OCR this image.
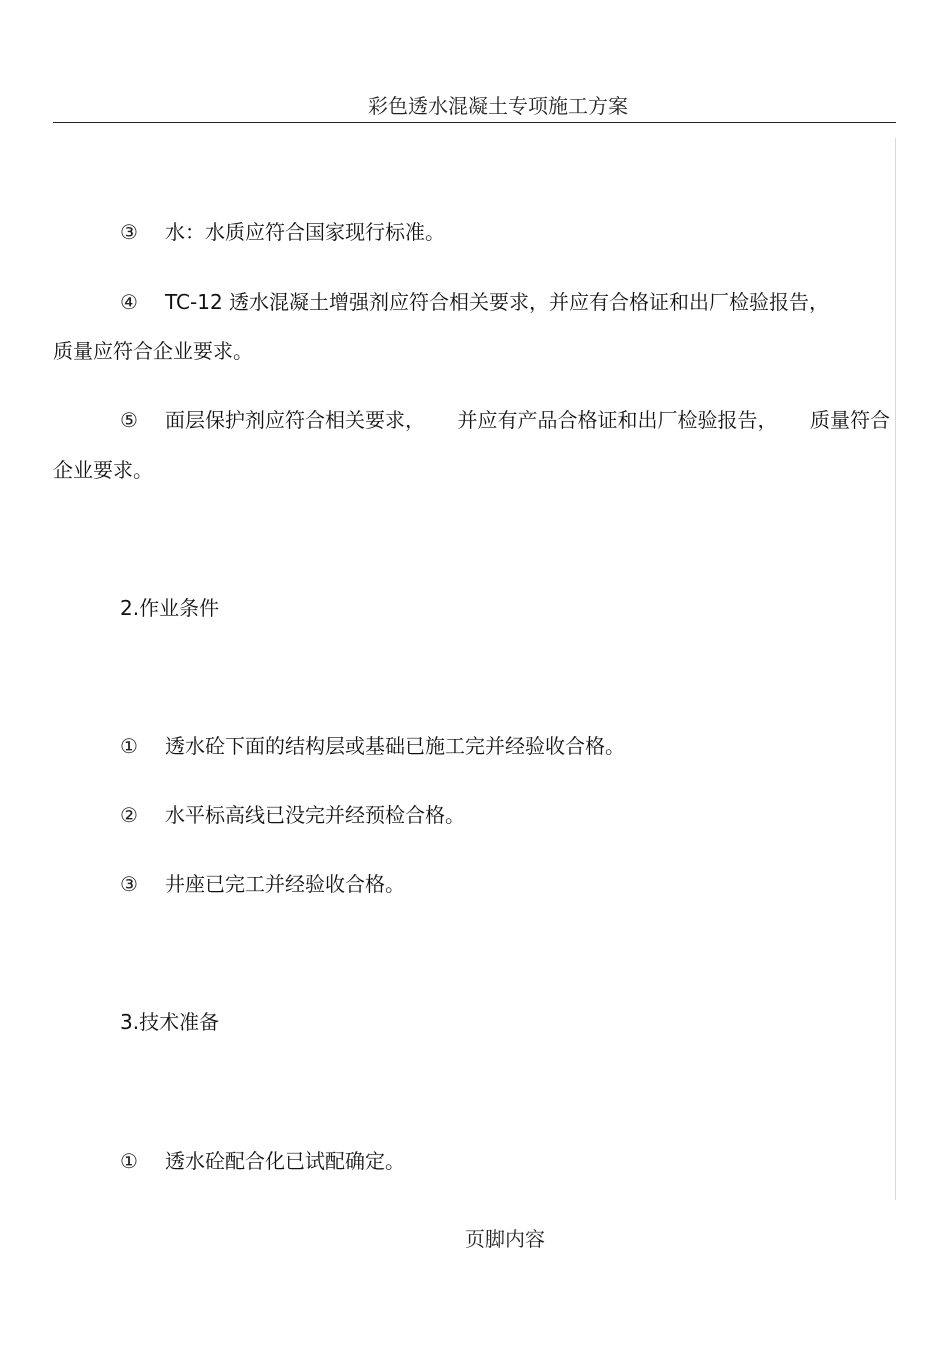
彩色透水混凝土专项施工方案
③ 水：水质应符合国家现行标准。
④ TC-12 透水混凝土增强剂应符合相关要求，并应有合格证和出厂检验报告，
质量应符合企业要求。
⑤ 面层保护剂应符合相关要求， 并应有产品合格证和出厂检验报告， 质量符合
企业要求。
2.作业条件
① 透水砼下面的结构层或基础已施工完并经验收合格。
② 水平标高线已没完并经预检合格。
③ 井座已完工并经验收合格。
3.技术准备
① 透水砼配合化已试配确定。
页脚内容
